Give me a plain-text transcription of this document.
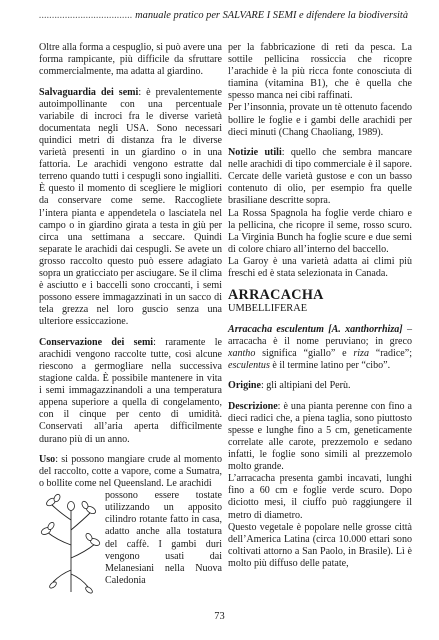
.................................... manuale pratico per SALVARE I SEMI e difendere la biodiversità

Oltre alla forma a cespuglio, si può avere una forma rampicante, più difficile da sfruttare commercialmente, ma adatta al giardino.

Salvaguardia dei semi: è prevalentemente autoimpollinante con una percentuale variabile di incroci fra le diverse varietà documentata negli USA. Sono necessari quindici metri di distanza fra le diverse varietà presenti in un giardino o in una fattoria. Le arachidi vengono estratte dal terreno quando tutti i cespugli sono ingialliti. È questo il momento di scegliere le migliori da conservare come seme. Raccogliete l’intera pianta e appendetela o lasciatela nel campo o in giardino girata a testa in giù per circa una settimana a seccare. Quindi separate le arachidi dai cespugli. Se avete un grosso raccolto questo può essere adagiato sopra un graticciato per asciugare. Se il clima è asciutto e i baccelli sono croccanti, i semi possono essere immagazzinati in un sacco di tela grezza nel loro guscio senza una ulteriore essiccazione.

Conservazione dei semi: raramente le arachidi vengono raccolte tutte, così alcune riescono a germogliare nella successiva stagione calda. È possibile mantenere in vita i semi immagazzinandoli a una temperatura appena superiore a quella di congelamento, con il cinque per cento di umidità. Conservati all’aria aperta difficilmente durano più di un anno.

Uso: si possono mangiare crude al momento del raccolto, cotte a vapore, come a Sumatra, o bollite come nel Queensland. Le arachidi

possono essere tostate utilizzando un apposito cilindro rotante fatto in casa, adatto anche alla tostatura del caffè. I gambi duri vengono usati dai Melanesiani nella Nuova Caledonia

per la fabbricazione di reti da pesca. La sottile pellicina rossiccia che ricopre l’arachide è la più ricca fonte conosciuta di tiamina (vitamina B1), che è quella che spesso manca nei cibi raffinati.

Per l’insonnia, provate un tè ottenuto facendo bollire le foglie e i gambi delle arachidi per dieci minuti (Chang Chaoliang, 1989).

Notizie utili: quello che sembra mancare nelle arachidi di tipo commerciale è il sapore. Cercate delle varietà gustose e con un basso contenuto di olio, per esempio fra quelle brasiliane descritte sopra.

La Rossa Spagnola ha foglie verde chiaro e la pellicina, che ricopre il seme, rosso scuro. La Virginia Bunch ha foglie scure e due semi di colore chiaro all’interno del baccello.

La Garoy è una varietà adatta ai climi più freschi ed è stata selezionata in Canada.

ARRACACHA
UMBELLIFERAE

Arracacha esculentum [A. xanthorrhiza] – arracacha è il nome peruviano; in greco xantho significa “giallo” e riza “radice”; esculentus è il termine latino per “cibo”.

Origine: gli altipiani del Perù.

Descrizione: è una pianta perenne con fino a dieci radici che, a piena taglia, sono piuttosto spesse e lunghe fino a 5 cm, geneticamente correlate alle carote, prezzemolo e sedano infatti, le foglie sono simili al prezzemolo molto grande.

L’arracacha presenta gambi incavati, lunghi fino a 60 cm e foglie verde scuro. Dopo diciotto mesi, il ciuffo può raggiungere il metro di diametro.

Questo vegetale è popolare nelle grosse città dell’America Latina (circa 10.000 ettari sono coltivati attorno a San Paolo, in Brasile). Lì è molto più diffuso delle patate,

73
